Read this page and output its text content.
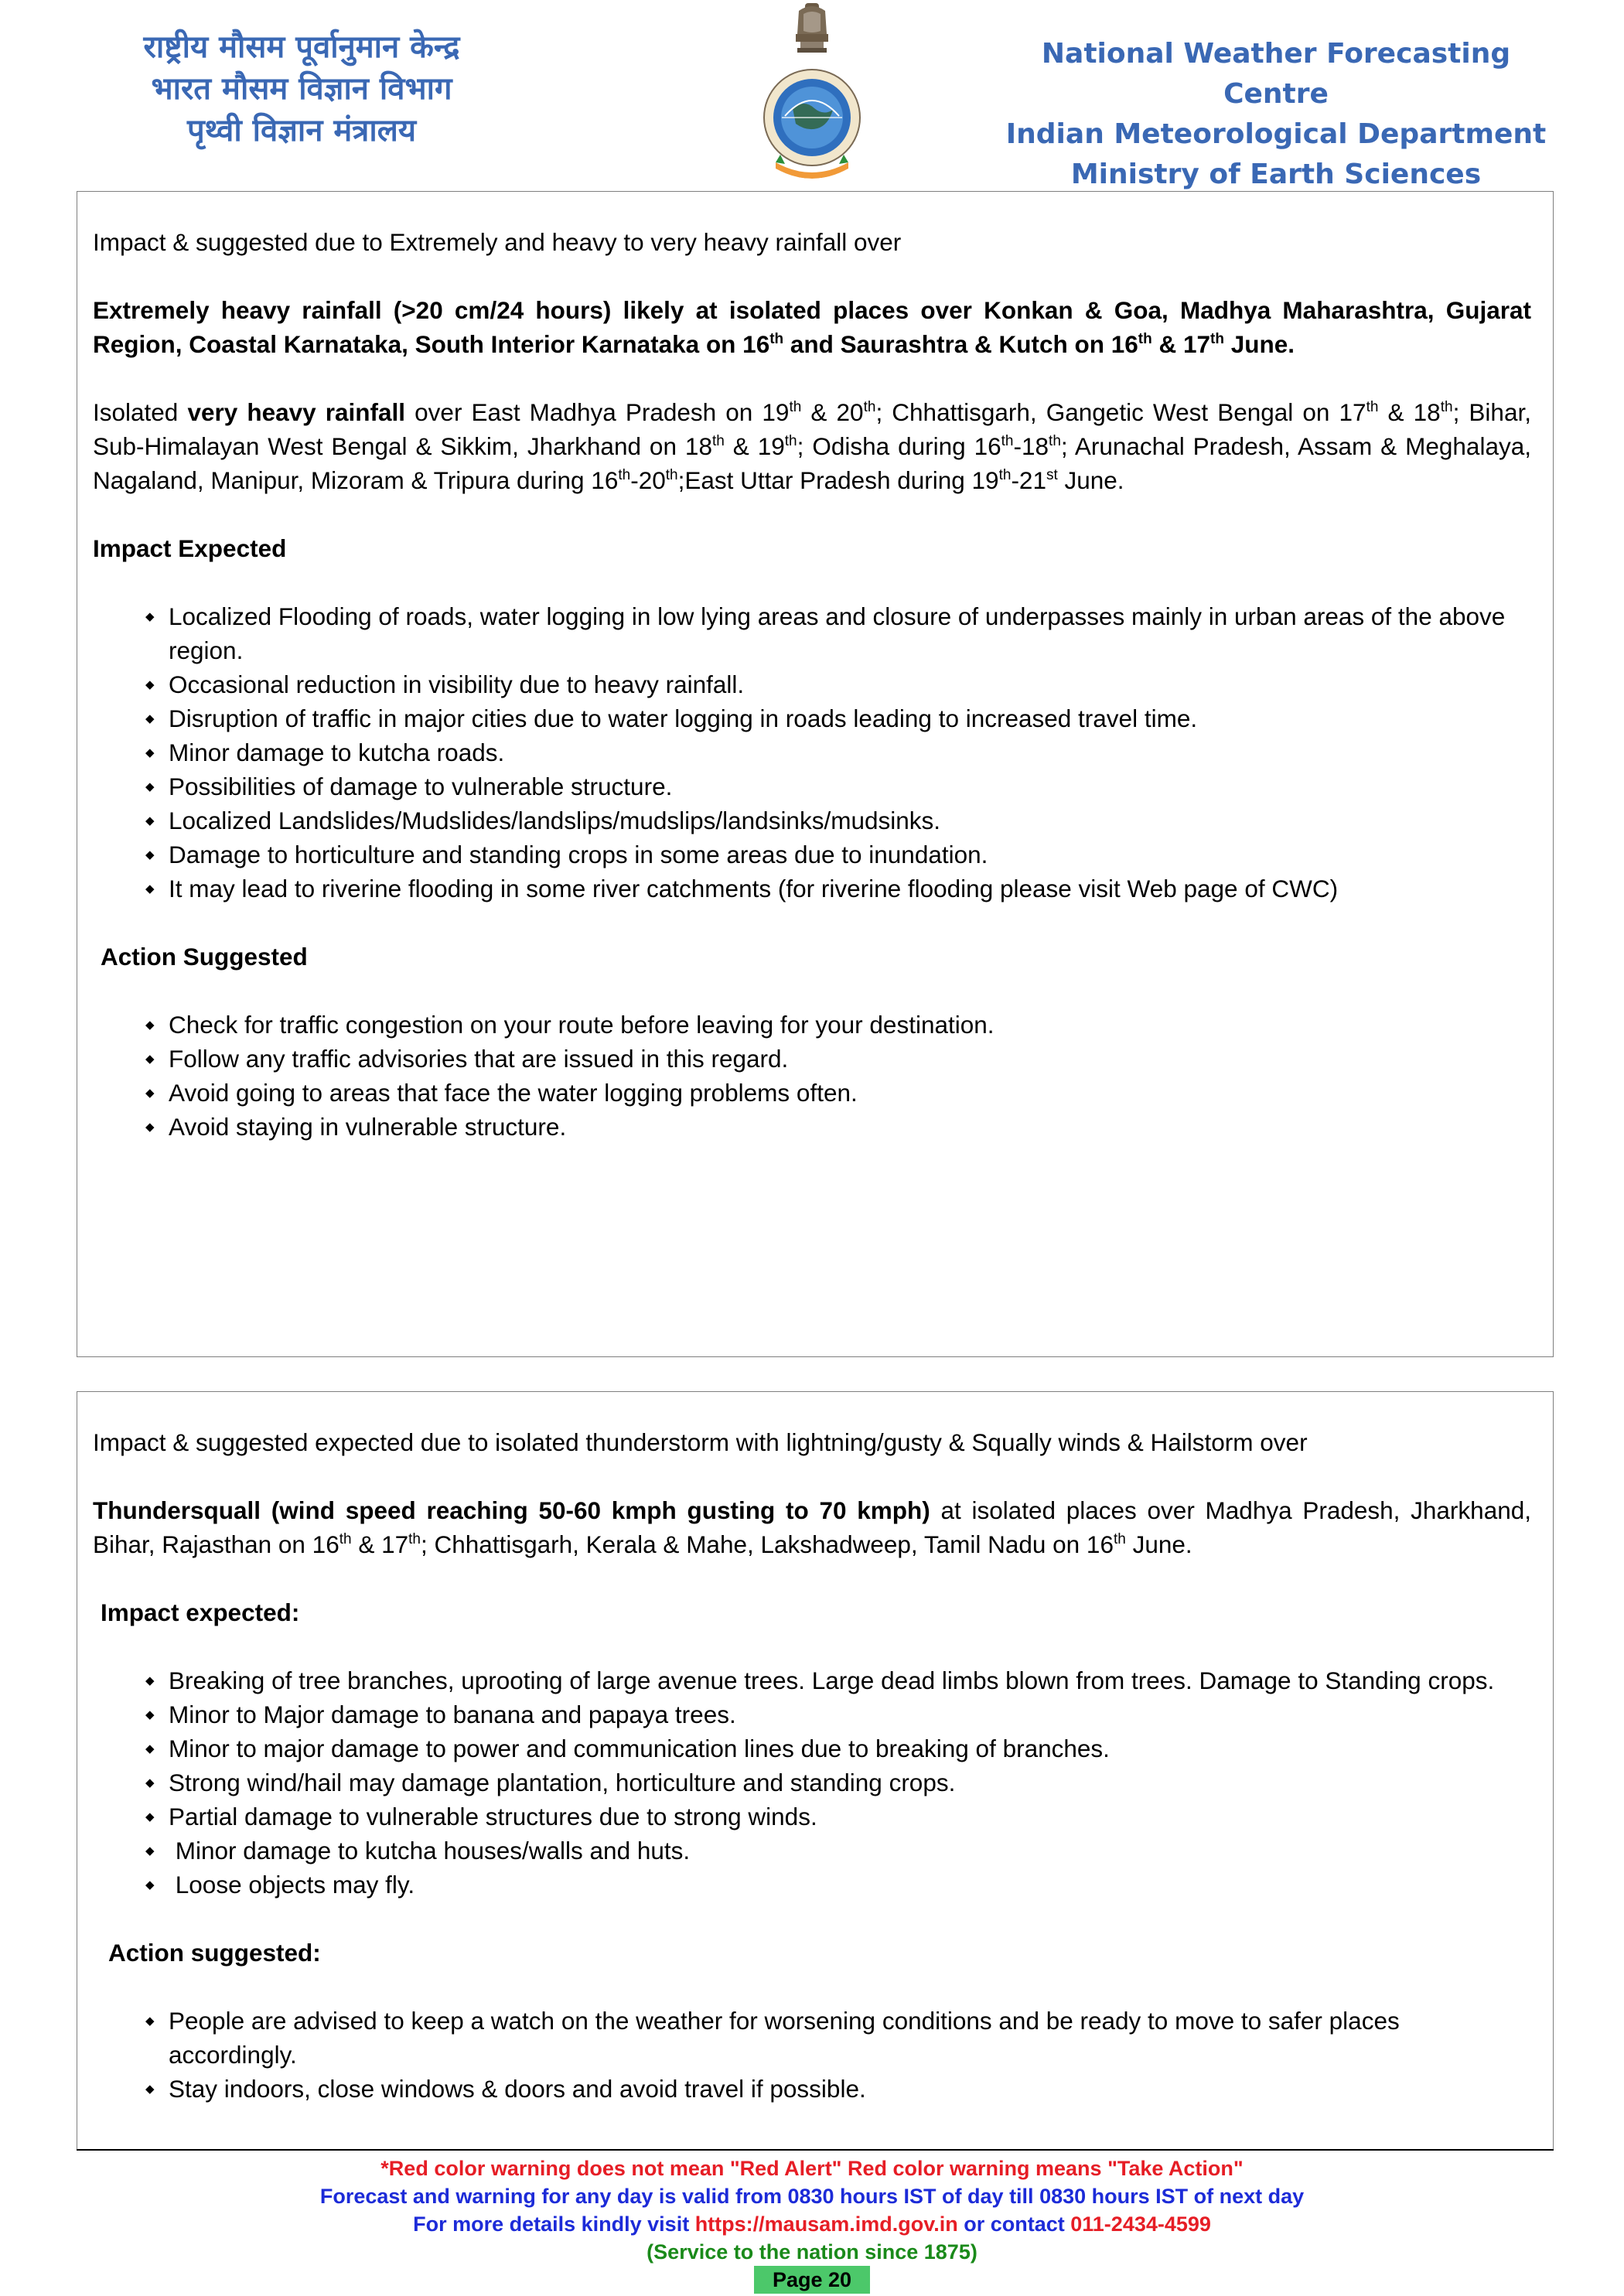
राष्ट्रीय मौसम पूर्वानुमान केन्द्र
भारत मौसम विज्ञान विभाग
पृथ्वी विज्ञान मंत्रालय
National Weather Forecasting Centre
Indian Meteorological Department
Ministry of Earth Sciences

Impact & suggested due to Extremely and heavy to very heavy rainfall over

Extremely heavy rainfall (>20 cm/24 hours) likely at isolated places over Konkan & Goa, Madhya Maharashtra, Gujarat Region, Coastal Karnataka, South Interior Karnataka on 16th and Saurashtra & Kutch on 16th & 17th June.

Isolated very heavy rainfall over East Madhya Pradesh on 19th & 20th; Chhattisgarh, Gangetic West Bengal on 17th & 18th; Bihar, Sub-Himalayan West Bengal & Sikkim, Jharkhand on 18th & 19th; Odisha during 16th-18th; Arunachal Pradesh, Assam & Meghalaya, Nagaland, Manipur, Mizoram & Tripura during 16th-20th;East Uttar Pradesh during 19th-21st June.

Impact Expected

◆ Localized Flooding of roads, water logging in low lying areas and closure of underpasses mainly in urban areas of the above region.
◆ Occasional reduction in visibility due to heavy rainfall.
◆ Disruption of traffic in major cities due to water logging in roads leading to increased travel time.
◆ Minor damage to kutcha roads.
◆ Possibilities of damage to vulnerable structure.
◆ Localized Landslides/Mudslides/landslips/mudslips/landsinks/mudsinks.
◆ Damage to horticulture and standing crops in some areas due to inundation.
◆ It may lead to riverine flooding in some river catchments (for riverine flooding please visit Web page of CWC)

Action Suggested

◆ Check for traffic congestion on your route before leaving for your destination.
◆ Follow any traffic advisories that are issued in this regard.
◆ Avoid going to areas that face the water logging problems often.
◆ Avoid staying in vulnerable structure.

Impact & suggested expected due to isolated thunderstorm with lightning/gusty & Squally winds & Hailstorm over

Thundersquall (wind speed reaching 50-60 kmph gusting to 70 kmph) at isolated places over Madhya Pradesh, Jharkhand, Bihar, Rajasthan on 16th & 17th; Chhattisgarh, Kerala & Mahe, Lakshadweep, Tamil Nadu on 16th June.

Impact expected:

◆ Breaking of tree branches, uprooting of large avenue trees. Large dead limbs blown from trees. Damage to Standing crops.
◆ Minor to Major damage to banana and papaya trees.
◆ Minor to major damage to power and communication lines due to breaking of branches.
◆ Strong wind/hail may damage plantation, horticulture and standing crops.
◆ Partial damage to vulnerable structures due to strong winds.
◆  Minor damage to kutcha houses/walls and huts.
◆  Loose objects may fly.

Action suggested:

◆ People are advised to keep a watch on the weather for worsening conditions and be ready to move to safer places accordingly.
◆ Stay indoors, close windows & doors and avoid travel if possible.
*Red color warning does not mean "Red Alert" Red color warning means "Take Action"
Forecast and warning for any day is valid from 0830 hours IST of day till 0830 hours IST of next day
For more details kindly visit https://mausam.imd.gov.in or contact 011-2434-4599
(Service to the nation since 1875)
Page 20
